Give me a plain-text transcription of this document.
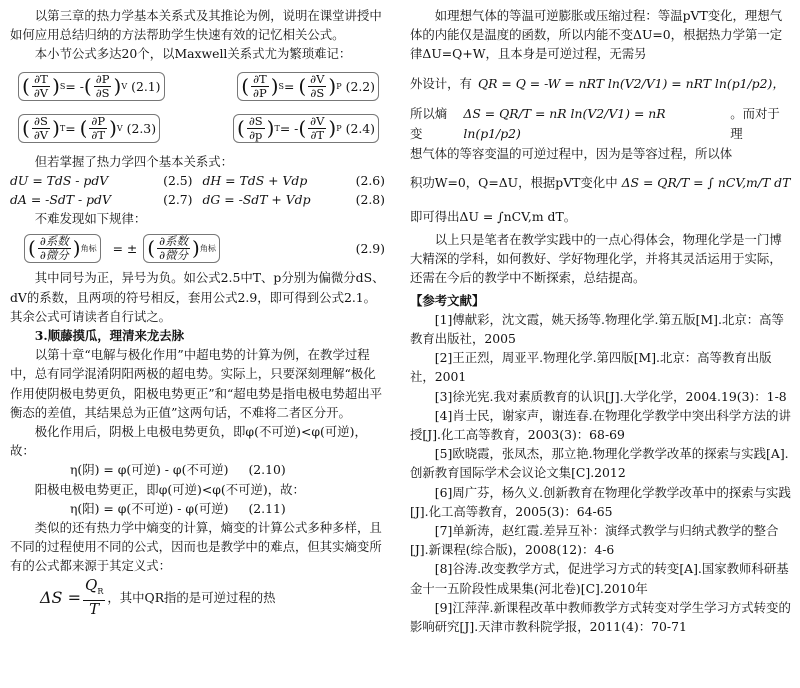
以第三章的热力学基本关系式及其推论为例，说明在课堂讲授中如何应用总结归纳的方法帮助学生快速有效的记忆相关公式。

本小节公式多达20个，以Maxwell关系式尤为繁琐难记：

( $\frac{\partial T}{\partial V}$ ) S = - ( $\frac{\partial P}{\partial S}$ ) V (2.1)	( $\frac{\partial T}{\partial P}$ ) S = ( $\frac{\partial V}{\partial S}$ ) P (2.2)
( $\frac{\partial S}{\partial V}$ ) T = ( $\frac{\partial P}{\partial T}$ ) V (2.3)	( $\frac{\partial S}{\partial p}$ ) T = - ( $\frac{\partial V}{\partial T}$ ) P (2.4)

但若掌握了热力学四个基本关系式：

dU = TdS - pdV	(2.5) dH = TdS + Vdp	(2.6)
dA = -SdT - pdV	(2.7) dG = -SdT + Vdp	(2.8)

不难发现如下规律：

( $\frac{\text{∂系数}}{\text{∂微分}}$ ) 角标 = ± ( $\frac{\text{∂系数}}{\text{∂微分}}$ ) 角标	(2.9)

其中同号为正，异号为负。如公式2.5中T、p分别为偏微分dS、dV的系数，且两项的符号相反，套用公式2.9，即可得到公式2.1。其余公式可请读者自行试之。

3.顺藤摸瓜，理清来龙去脉

以第十章“电解与极化作用”中超电势的计算为例，在教学过程中，总有同学混淆阴阳两极的超电势。实际上，只要深刻理解“极化作用使阴极电势更负，阳极电势更正”和“超电势是指电极电势超出平衡态的差值，其结果总为正值”这两句话，不难将二者区分开。

极化作用后，阴极上电极电势更负，即φ(不可逆)<φ(可逆)，故：

η(阴) = φ(可逆) - φ(不可逆) (2.10)

阳极电极电势更正，即φ(可逆)<φ(不可逆)，故：

η(阳) = φ(不可逆) - φ(可逆) (2.11)

类似的还有热力学中熵变的计算，熵变的计算公式多种多样，且不同的过程使用不同的公式，因而也是教学中的难点，但其实熵变所有的公式都来源于其定义式：

$\Delta S = \frac{Q_R}{T}$ ，其中QR指的是可逆过程的热

如理想气体的等温可逆膨胀或压缩过程：等温pVT变化，理想气体的内能仅是温度的函数，所以内能不变ΔU=0，根据热力学第一定律ΔU=Q+W，且本身是可逆过程，无需另

外设计，有 QR = Q = -W = nRT ln(V2/V1) = nRT ln(p1/p2)，
所以熵变
ΔS = QR/T = nR ln(V2/V1) = nR ln(p1/p2)
。而对于理

想气体的等容变温的可逆过程中，因为是等容过程，所以体

积功W=0，Q=ΔU，根据pVT变化中 ΔS = QR/T = ∫ nCV,m/T dT

即可得出ΔU = ∫nCV,m dT。

以上只是笔者在教学实践中的一点心得体会，物理化学是一门博大精深的学科，如何教好、学好物理化学，并将其灵活运用于实际，还需在今后的教学中不断探索，总结提高。

【参考文献】

[1]傅献彩，沈文霞，姚天扬等.物理化学.第五版[M].北京：高等教育出版社，2005

[2]王正烈，周亚平.物理化学.第四版[M].北京：高等教育出版社，2001

[3]徐光宪.我对素质教育的认识[J].大学化学，2004.19(3)：1-8

[4]肖士民，谢家声，谢连春.在物理化学教学中突出科学方法的讲授[J].化工高等教育，2003(3)：68-69

[5]欧晓霞，张凤杰，那立艳.物理化学教学改革的探索与实践[A].创新教育国际学术会议论文集[C].2012

[6]周广芬，杨久义.创新教育在物理化学教学改革中的探索与实践[J].化工高等教育，2005(3)：64-65

[7]单新涛，赵红霞.差异互补：演绎式教学与归纳式教学的整合[J].新课程(综合版)，2008(12)：4-6

[8]谷涛.改变教学方式，促进学习方式的转变[A].国家教师科研基金十一五阶段性成果集(河北卷)[C].2010年

[9]江萍萍.新课程改革中教师教学方式转变对学生学习方式转变的影响研究[J].天津市教科院学报，2011(4)：70-71
